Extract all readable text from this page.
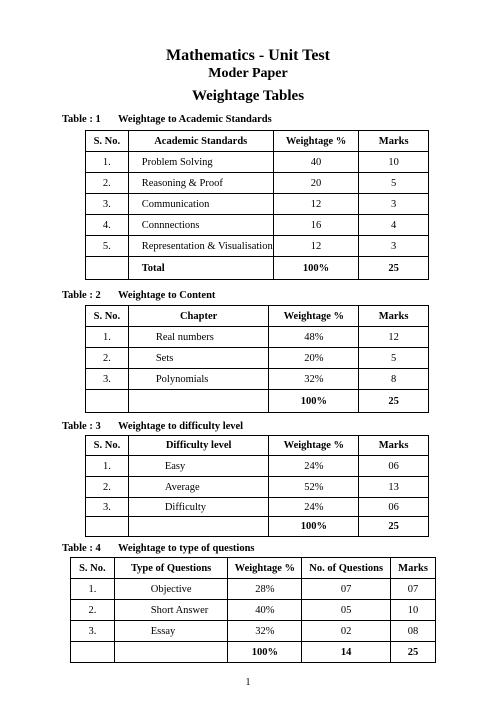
Mathematics - Unit Test
Moder Paper
Weightage Tables
Table : 1 Weightage to Academic Standards
S. No.	Academic Standards	Weightage %	Marks
1.	Problem Solving	40	10
2.	Reasoning & Proof	20	5
3.	Communication	12	3
4.	Connnections	16	4
5.	Representation & Visualisation	12	3
	Total	100%	25
Table : 2 Weightage to Content
S. No.	Chapter	Weightage %	Marks
1.	Real numbers	48%	12
2.	Sets	20%	5
3.	Polynomials	32%	8
		100%	25
Table : 3 Weightage to difficulty level
S. No.	Difficulty level	Weightage %	Marks
1.	Easy	24%	06
2.	Average	52%	13
3.	Difficulty	24%	06
		100%	25
Table : 4 Weightage to type of questions
S. No.	Type of Questions	Weightage %	No. of Questions	Marks
1.	Objective	28%	07	07
2.	Short Answer	40%	05	10
3.	Essay	32%	02	08
		100%	14	25
1
